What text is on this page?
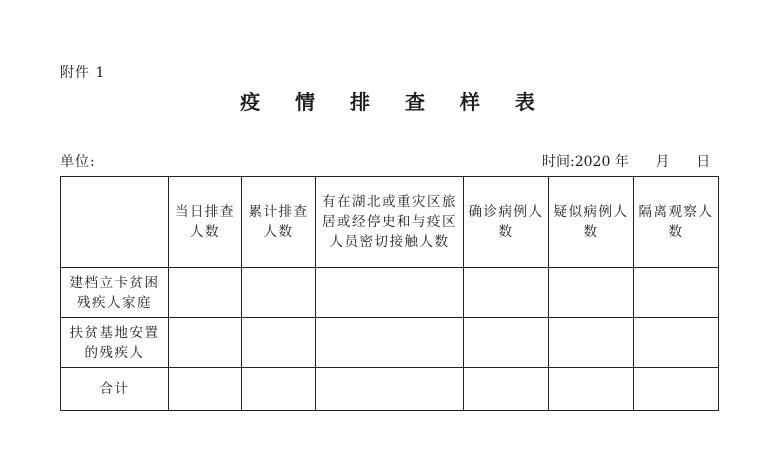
附件 1
疫 情 排 查 样 表
单位:	时间:2020 年 月 日

	当日排查人数	累计排查人数	有在湖北或重灾区旅居或经停史和与疫区人员密切接触人数	确诊病例人数	疑似病例人数	隔离观察人数

建档立卡贫困残疾人家庭						

扶贫基地安置的残疾人						

合计						
